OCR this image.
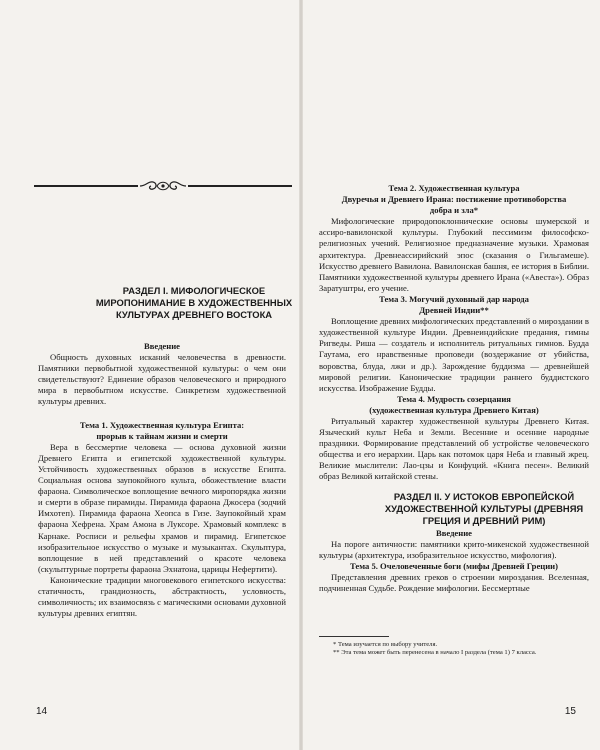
РАЗДЕЛ I. МИФОЛОГИЧЕСКОЕ МИРОПОНИМАНИЕ В ХУДОЖЕСТВЕННЫХ КУЛЬТУРАХ ДРЕВНЕГО ВОСТОКА

Введение

Общность духовных исканий человечества в древности. Памятники первобытной художественной культуры: о чем они свидетельствуют? Единение образов человеческого и природного мира в первобытном искусстве. Синкретизм художественной культуры древних.

Тема 1. Художественная культура Египта:

прорыв к тайнам жизни и смерти

Вера в бессмертие человека — основа духовной жизни Древнего Египта и египетской художественной культуры. Устойчивость художественных образов в искусстве Египта. Социальная основа заупокойного культа, обожествление власти фараона. Символическое воплощение вечного миропорядка жизни и смерти в образе пирамиды. Пирамида фараона Джосера (зодчий Имхотеп). Пирамида фараона Хеопса в Гизе. Заупокойный храм фараона Хефрена. Храм Амона в Луксоре. Храмовый комплекс в Карнаке. Росписи и рельефы храмов и пирамид. Египетское изобразительное искусство о музыке и музыкантах. Скульптура, воплощение в ней представлений о красоте человека (скульптурные портреты фараона Эхнатона, царицы Нефертити).

Канонические традиции многовекового египетского искусства: статичность, грандиозность, абстрактность, условность, символичность; их взаимосвязь с магическими основами духовной культуры древних египтян.

14

Тема 2. Художественная культура

Двуречья и Древнего Ирана: постижение противоборства

добра и зла*

Мифологические природопоклоннические основы шумерской и ассиро-вавилонской культуры. Глубокий пессимизм философско-религиозных учений. Религиозное предназначение музыки. Храмовая архитектура. Древнеассирийский эпос (сказания о Гильгамеше). Искусство древнего Вавилона. Вавилонская башня, ее история в Библии. Памятники художественной культуры древнего Ирана («Авеста»). Образ Заратуштры, его учение.

Тема 3. Могучий духовный дар народа

Древней Индии**

Воплощение древних мифологических представлений о мироздании в художественной культуре Индии. Древнеиндийские предания, гимны Ригведы. Риша — создатель и исполнитель ритуальных гимнов. Будда Гаутама, его нравственные проповеди (воздержание от убийства, воровства, блуда, лжи и др.). Зарождение буддизма — древнейшей мировой религии. Канонические традиции раннего буддистского искусства. Изображение Будды.

Тема 4. Мудрость созерцания

(художественная культура Древнего Китая)

Ритуальный характер художественной культуры Древнего Китая. Языческий культ Неба и Земли. Весенние и осенние народные праздники. Формирование представлений об устройстве человеческого общества и его иерархии. Царь как потомок царя Неба и главный жрец. Великие мыслители: Лао-цзы и Конфуций. «Книга песен». Великий образ Великой китайской стены.

РАЗДЕЛ II. У ИСТОКОВ ЕВРОПЕЙСКОЙ ХУДОЖЕСТВЕННОЙ КУЛЬТУРЫ (ДРЕВНЯЯ ГРЕЦИЯ И ДРЕВНИЙ РИМ)

Введение

На пороге античности: памятники крито-микенской художественной культуры (архитектура, изобразительное искусство, мифология).

Тема 5. Очеловеченные боги (мифы Древней Греции)

Представления древних греков о строении мироздания. Вселенная, подчиненная Судьбе. Рождение мифологии. Бессмертные

* Тема изучается по выбору учителя.
** Эта тема может быть перенесена в начало I раздела (тема 1) 7 класса.
15
